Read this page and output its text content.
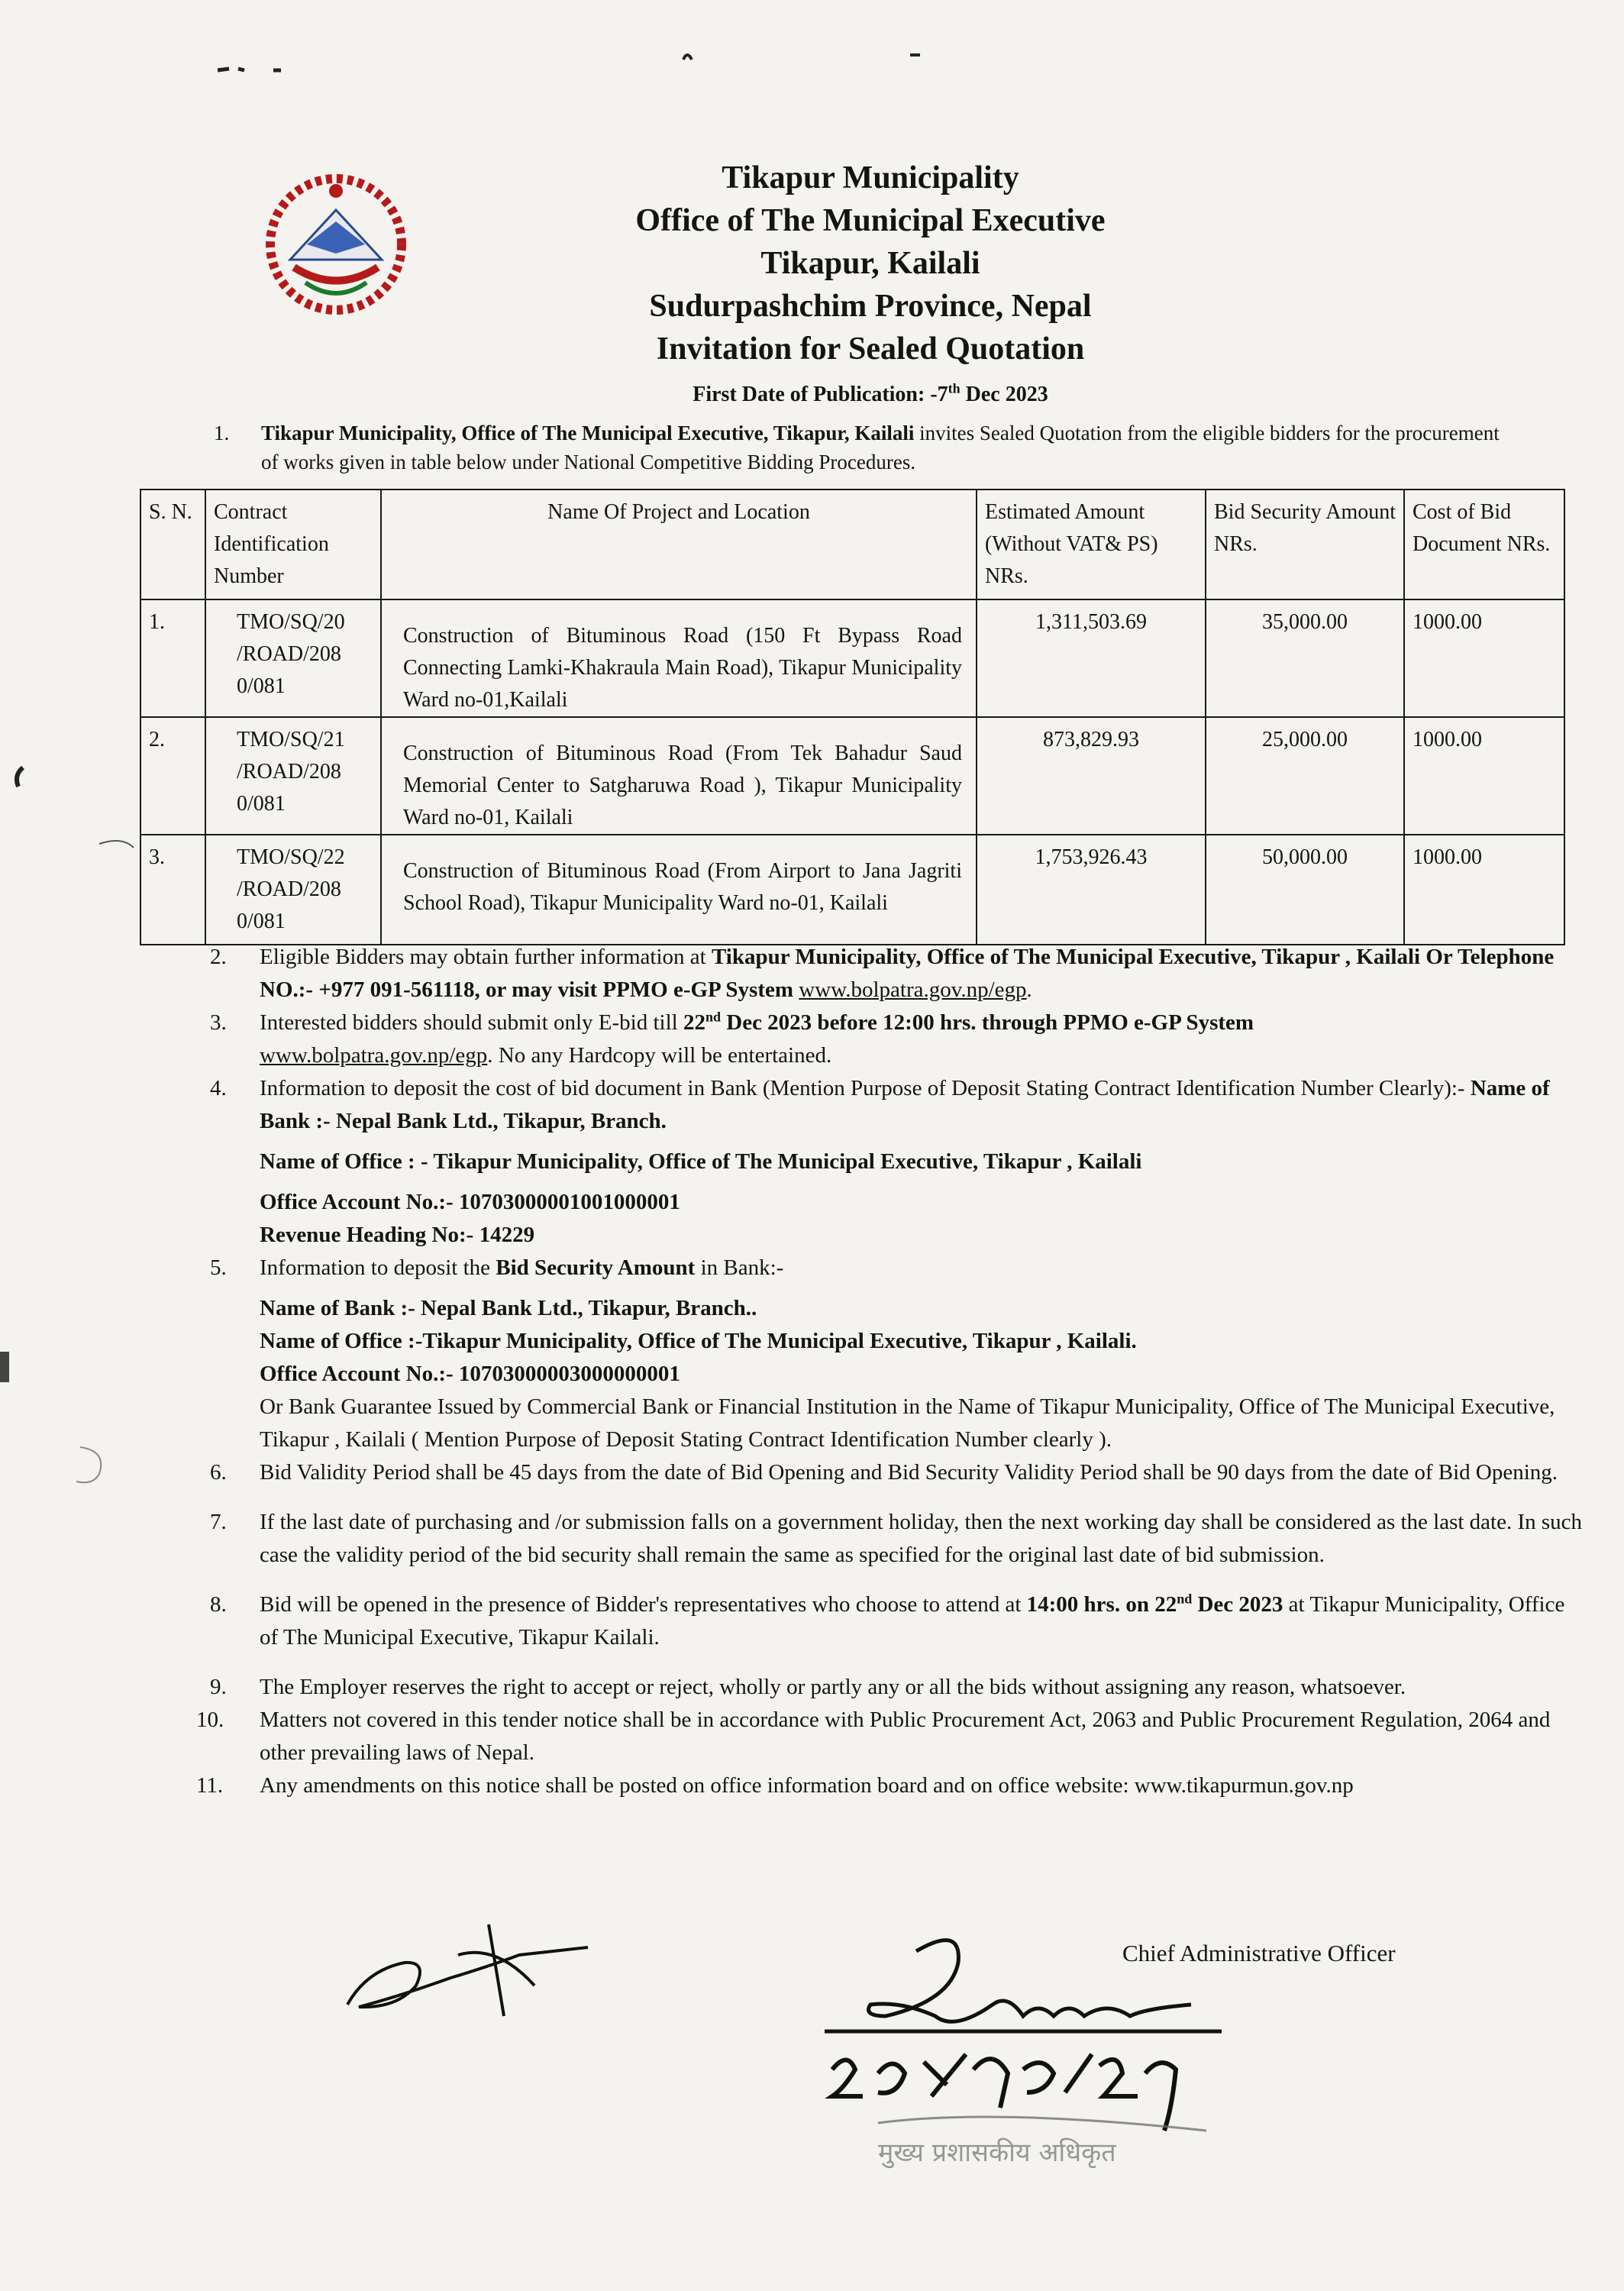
Tikapur Municipality
Office of The Municipal Executive
Tikapur, Kailali
Sudurpashchim Province, Nepal
Invitation for Sealed Quotation
First Date of Publication: -7th Dec 2023
1. Tikapur Municipality, Office of The Municipal Executive, Tikapur, Kailali invites Sealed Quotation from the eligible bidders for the procurement of works given in table below under National Competitive Bidding Procedures.
S. N.	Contract Identification Number	Name Of Project and Location	Estimated Amount (Without VAT& PS) NRs.	Bid Security Amount NRs.	Cost of Bid Document NRs.
1.	TMO/SQ/20 /ROAD/208 0/081	Construction of Bituminous Road (150 Ft Bypass Road Connecting Lamki-Khakraula Main Road), Tikapur Municipality Ward no-01,Kailali	1,311,503.69	35,000.00	1000.00
2.	TMO/SQ/21 /ROAD/208 0/081	Construction of Bituminous Road (From Tek Bahadur Saud Memorial Center to Satgharuwa Road ), Tikapur Municipality Ward no-01, Kailali	873,829.93	25,000.00	1000.00
3.	TMO/SQ/22 /ROAD/208 0/081	Construction of Bituminous Road (From Airport to Jana Jagriti School Road), Tikapur Municipality Ward no-01, Kailali	1,753,926.43	50,000.00	1000.00
2. Eligible Bidders may obtain further information at Tikapur Municipality, Office of The Municipal Executive, Tikapur , Kailali Or Telephone NO.:- +977 091-561118, or may visit PPMO e-GP System www.bolpatra.gov.np/egp.
3. Interested bidders should submit only E-bid till 22nd Dec 2023 before 12:00 hrs. through PPMO e-GP System
www.bolpatra.gov.np/egp. No any Hardcopy will be entertained.
4. Information to deposit the cost of bid document in Bank (Mention Purpose of Deposit Stating Contract Identification Number Clearly):- Name of Bank :- Nepal Bank Ltd., Tikapur, Branch.
Name of Office : - Tikapur Municipality, Office of The Municipal Executive, Tikapur , Kailali
Office Account No.:- 10703000001001000001
Revenue Heading No:- 14229
5. Information to deposit the Bid Security Amount in Bank:-
Name of Bank :- Nepal Bank Ltd., Tikapur, Branch..
Name of Office :-Tikapur Municipality, Office of The Municipal Executive, Tikapur , Kailali.
Office Account No.:- 10703000003000000001
Or Bank Guarantee Issued by Commercial Bank or Financial Institution in the Name of Tikapur Municipality, Office of The Municipal Executive, Tikapur , Kailali ( Mention Purpose of Deposit Stating Contract Identification Number clearly ).
6. Bid Validity Period shall be 45 days from the date of Bid Opening and Bid Security Validity Period shall be 90 days from the date of Bid Opening.
7. If the last date of purchasing and /or submission falls on a government holiday, then the next working day shall be considered as the last date. In such case the validity period of the bid security shall remain the same as specified for the original last date of bid submission.
8. Bid will be opened in the presence of Bidder's representatives who choose to attend at 14:00 hrs. on 22nd Dec 2023 at Tikapur Municipality, Office of The Municipal Executive, Tikapur Kailali.
9. The Employer reserves the right to accept or reject, wholly or partly any or all the bids without assigning any reason, whatsoever.
10. Matters not covered in this tender notice shall be in accordance with Public Procurement Act, 2063 and Public Procurement Regulation, 2064 and other prevailing laws of Nepal.
11. Any amendments on this notice shall be posted on office information board and on office website: www.tikapurmun.gov.np
Chief Administrative Officer
मुख्य प्रशासकीय अधिकृत
